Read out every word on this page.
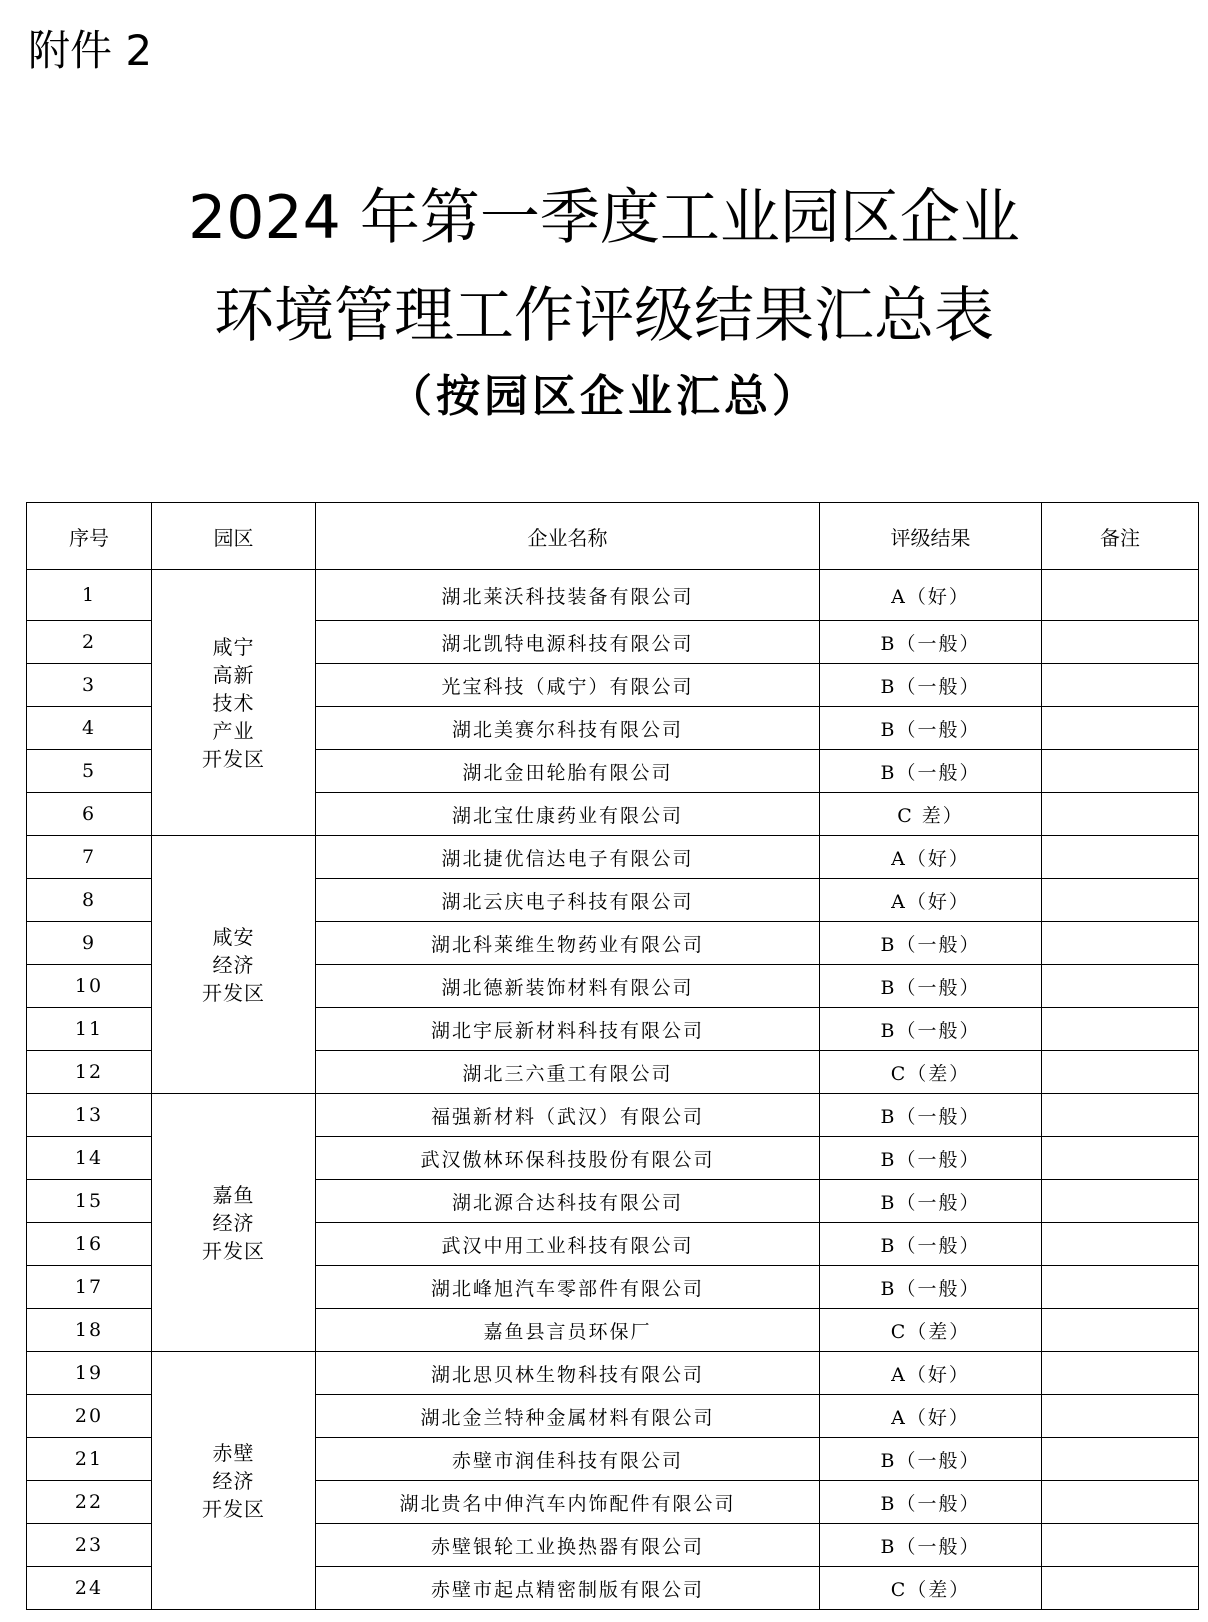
附件 2
2024 年第一季度工业园区企业
环境管理工作评级结果汇总表
（按园区企业汇总）
序号	园区	企业名称	评级结果	备注
1	咸宁
高新
技术
产业
开发区	湖北莱沃科技装备有限公司	A（好）	
2		湖北凯特电源科技有限公司	B（一般）	
3		光宝科技（咸宁）有限公司	B（一般）	
4		湖北美赛尔科技有限公司	B（一般）	
5		湖北金田轮胎有限公司	B（一般）	
6		湖北宝仕康药业有限公司	C 差）	
7	咸安
经济
开发区	湖北捷优信达电子有限公司	A（好）	
8		湖北云庆电子科技有限公司	A（好）	
9		湖北科莱维生物药业有限公司	B（一般）	
10		湖北德新装饰材料有限公司	B（一般）	
11		湖北宇辰新材料科技有限公司	B（一般）	
12		湖北三六重工有限公司	C（差）	
13	嘉鱼
经济
开发区	福强新材料（武汉）有限公司	B（一般）	
14		武汉傲林环保科技股份有限公司	B（一般）	
15		湖北源合达科技有限公司	B（一般）	
16		武汉中用工业科技有限公司	B（一般）	
17		湖北峰旭汽车零部件有限公司	B（一般）	
18		嘉鱼县言员环保厂	C（差）	
19	赤壁
经济
开发区	湖北思贝林生物科技有限公司	A（好）	
20		湖北金兰特种金属材料有限公司	A（好）	
21		赤壁市润佳科技有限公司	B（一般）	
22		湖北贵名中伸汽车内饰配件有限公司	B（一般）	
23		赤壁银轮工业换热器有限公司	B（一般）	
24		赤壁市起点精密制版有限公司	C（差）	
